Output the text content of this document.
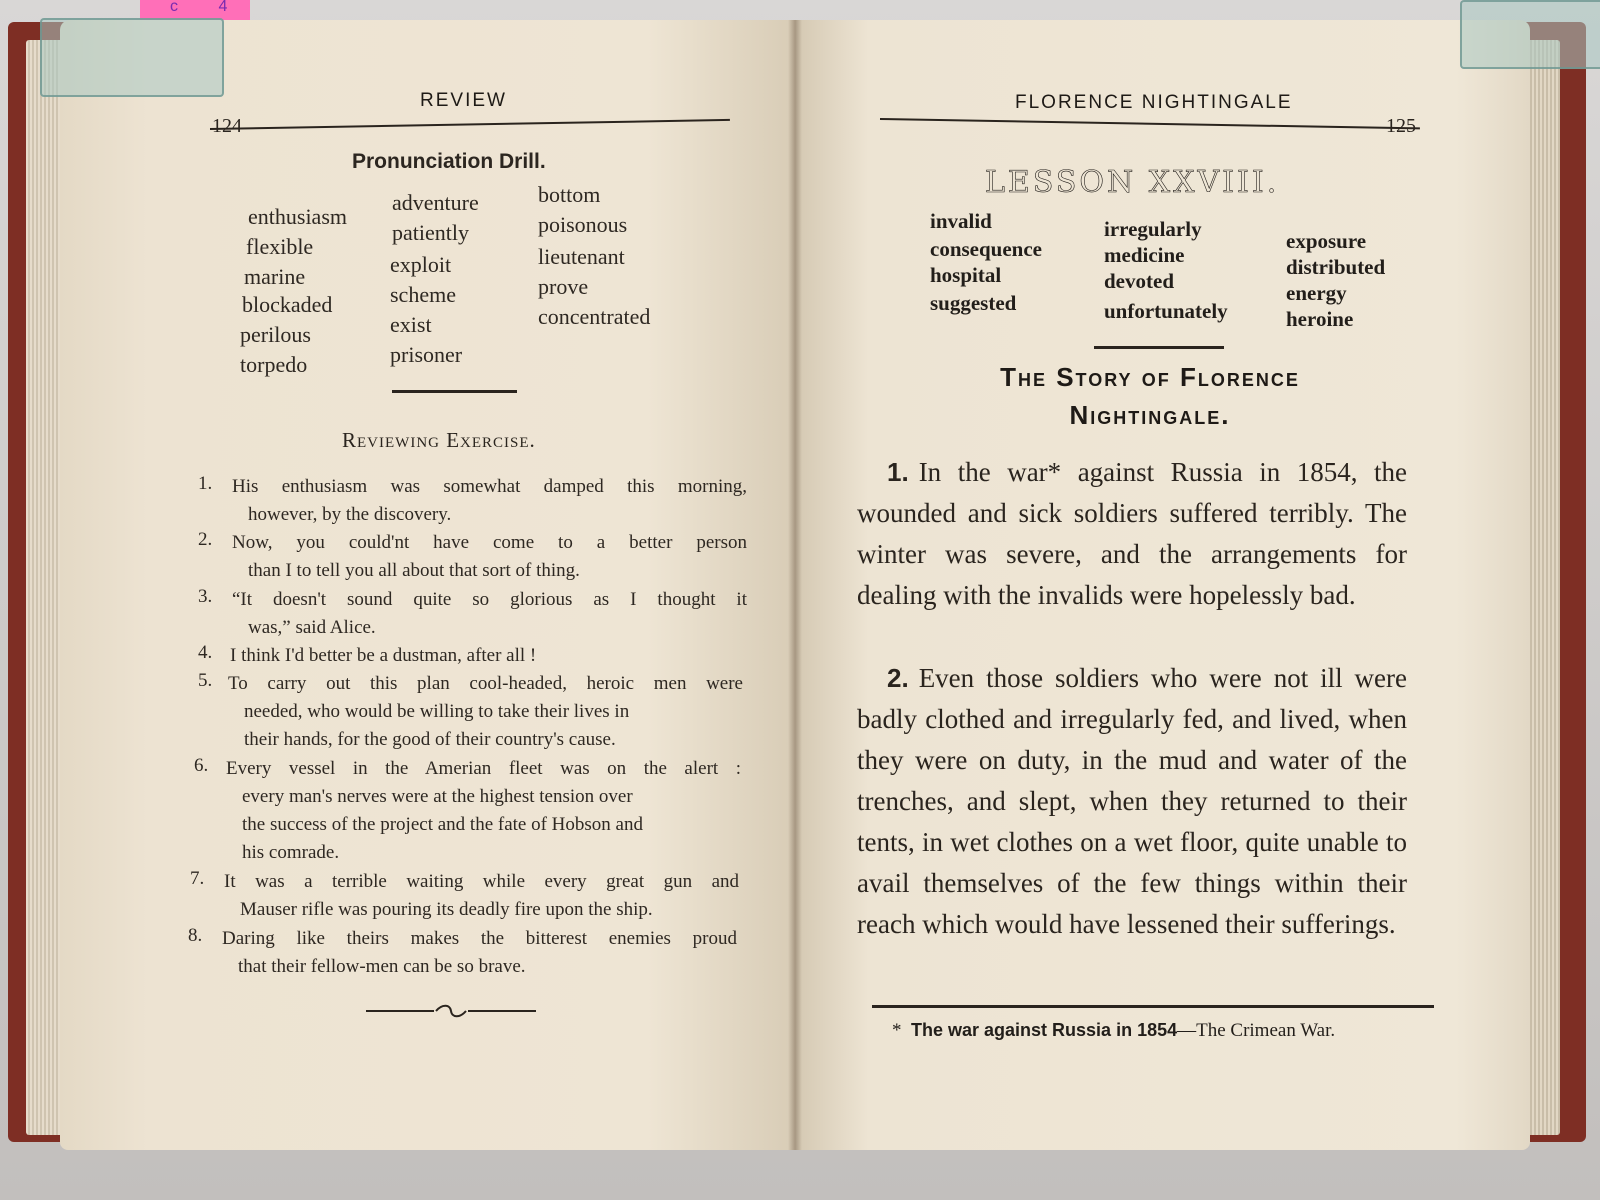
c 4
124
REVIEW
Pronunciation Drill.
enthusiasm
flexible
marine
blockaded
perilous
torpedo
adventure
patiently
exploit
scheme
exist
prisoner
bottom
poisonous
lieutenant
prove
concentrated
Reviewing Exercise.
1. His enthusiasm was somewhat damped this morning,
however, by the discovery.
2. Now, you could'nt have come to a better person
than I to tell you all about that sort of thing.
3. “It doesn't sound quite so glorious as I thought it
was,” said Alice.
4. I think I'd better be a dustman, after all !
5. To carry out this plan cool-headed, heroic men were
needed, who would be willing to take their lives in
their hands, for the good of their country's cause.
6. Every vessel in the Amerian fleet was on the alert :
every man's nerves were at the highest tension over
the success of the project and the fate of Hobson and
his comrade.
7. It was a terrible waiting while every great gun and
Mauser rifle was pouring its deadly fire upon the ship.
8. Daring like theirs makes the bitterest enemies proud
that their fellow-men can be so brave.
FLORENCE NIGHTINGALE
125
LESSON XXVIII.
invalid
consequence
hospital
suggested
irregularly
medicine
devoted
unfortunately
exposure
distributed
energy
heroine
The Story of Florence
Nightingale.
1. In the war* against Russia in 1854, the wounded and sick soldiers suffered terribly. The winter was severe, and the arrangements for dealing with the invalids were hopelessly bad.
2. Even those soldiers who were not ill were badly clothed and irregularly fed, and lived, when they were on duty, in the mud and water of the trenches, and slept, when they returned to their tents, in wet clothes on a wet floor, quite unable to avail themselves of the few things within their reach which would have lessened their sufferings.
* The war against Russia in 1854—The Crimean War.
